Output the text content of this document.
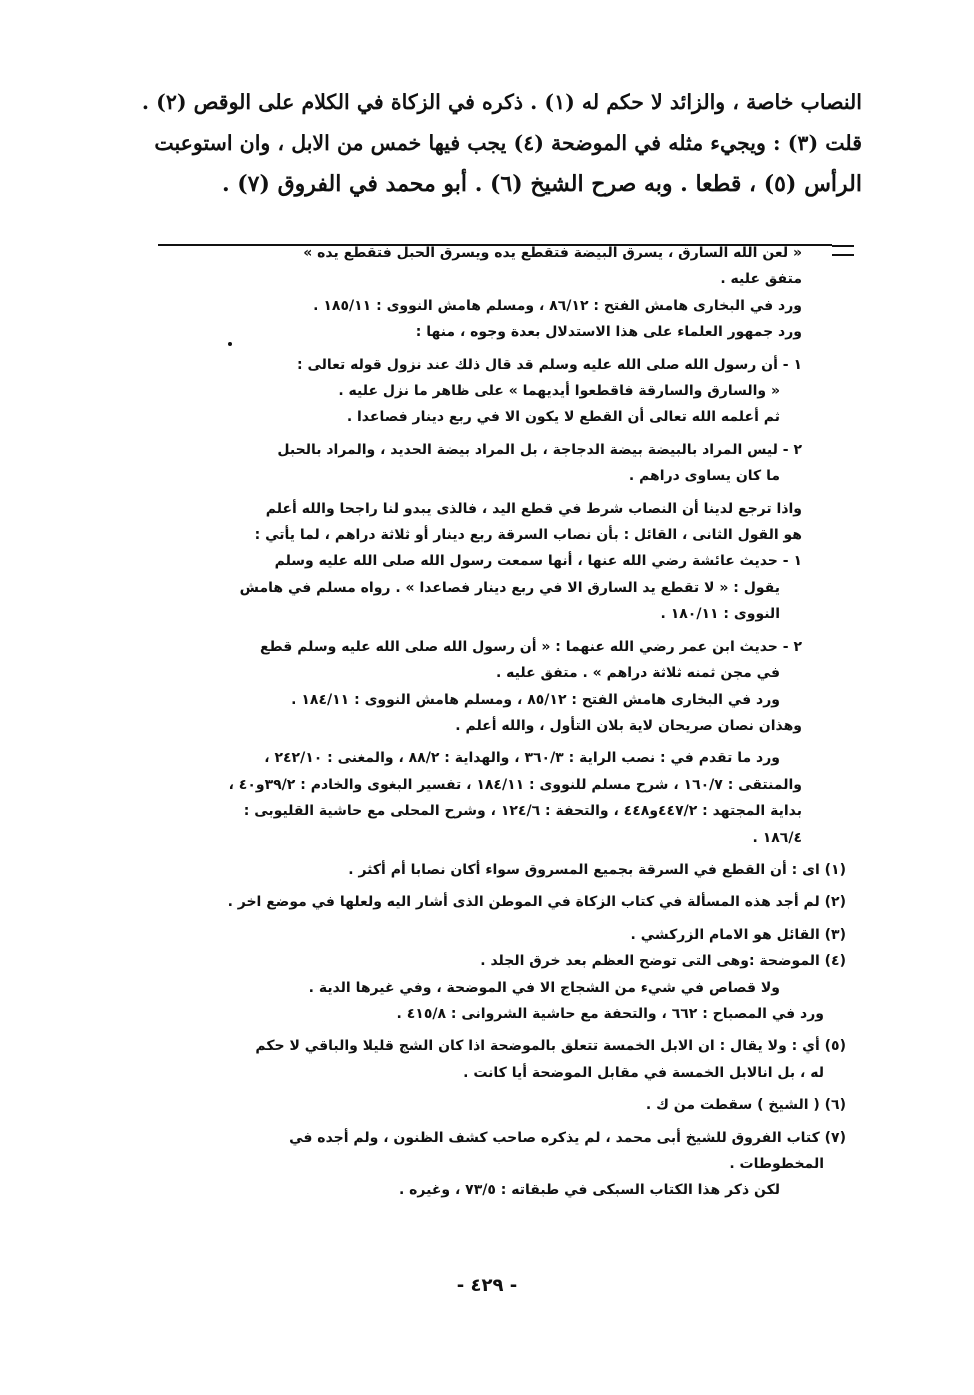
النصاب خاصة ، والزائد لا حكم له (١) . ذكره في الزكاة في الكلام على الوقص (٢) .
قلت (٣) : ويجيء مثله في الموضحة (٤) يجب فيها خمس من الابل ، وان استوعبت
الرأس (٥) ، قطعا . وبه صرح الشيخ (٦) . أبو محمد في الفروق (٧) .
« لعن الله السارق ، يسرق البيضة فتقطع يده ويسرق الحبل فتقطع يده »
متفق عليه .
ورد في البخارى هامش الفتح : ٨٦/١٢ ، ومسلم هامش النووى : ١٨٥/١١ .
ورد جمهور العلماء على هذا الاستدلال بعدة وجوه ، منها :
١ - أن رسول الله صلى الله عليه وسلم قد قال ذلك عند نزول قوله تعالى :
« والسارق والسارقة فاقطعوا أيديهما » على ظاهر ما نزل عليه .
ثم أعلمه الله تعالى أن القطع لا يكون الا في ربع دينار فصاعدا .
٢ - ليس المراد بالبيضة بيضة الدجاجة ، بل المراد بيضة الحديد ، والمراد بالحبل
ما كان يساوى دراهم .
واذا ترجع لدينا أن النصاب شرط في قطع اليد ، فالذى يبدو لنا راجحا والله أعلم
هو القول الثانى ، القائل : بأن نصاب السرقة ربع دينار أو ثلاثة دراهم ، لما يأتي :
١ - حديث عائشة رضي الله عنها ، أنها سمعت رسول الله صلى الله عليه وسلم
يقول : « لا تقطع يد السارق الا في ربع دينار فصاعدا » . رواه مسلم في هامش
النووى : ١٨٠/١١ .
٢ - حديث ابن عمر رضي الله عنهما : « أن رسول الله صلى الله عليه وسلم قطع
في مجن ثمنه ثلاثة دراهم » . متفق عليه .
ورد في البخارى هامش الفتح : ٨٥/١٢ ، ومسلم هامش النووى : ١٨٤/١١ .
وهذان نصان صريحان لاية بلان التأول ، والله أعلم .
ورد ما تقدم في : نصب الراية : ٣٦٠/٣ ، والهداية : ٨٨/٢ ، والمغنى : ٢٤٢/١٠ ،
والمنتقى : ١٦٠/٧ ، شرح مسلم للنووى : ١٨٤/١١ ، تفسير البغوى والخادم : ٣٩/٢و٤٠ ،
بداية المجتهد : ٤٤٧/٢و٤٤٨ ، والتحفة : ١٢٤/٦ ، وشرح المحلى مع حاشية القليوبى :
١٨٦/٤ .
(١) اى : أن القطع في السرقة بجميع المسروق سواء أكان نصابا أم أكثر .
(٢) لم أجد هذه المسألة في كتاب الزكاة في الموطن الذى أشار اليه ولعلها في موضع اخر .
(٣) القائل هو الامام الزركشي .
(٤) الموضحة :وهى التى توضح العظم بعد خرق الجلد .
ولا قصاص في شيء من الشجاج الا في الموضحة ، وفي غيرها الدية .
ورد في المصباح : ٦٦٢ ، والتحفة مع حاشية الشروانى : ٤١٥/٨ .
(٥) أي : ولا يقال : ان الابل الخمسة تتعلق بالموضحة اذا كان الشج قليلا والباقي لا حكم
له ، بل انالابل الخمسة في مقابل الموضحة أيا كانت .
(٦) ( الشيخ ) سقطت من ك .
(٧) كتاب الفروق للشيخ أبى محمد ، لم يذكره صاحب كشف الظنون ، ولم أجده في
المخطوطات .
لكن ذكر هذا الكتاب السبكى في طبقاته : ٧٣/٥ ، وغيره .
- ٤٢٩ -
